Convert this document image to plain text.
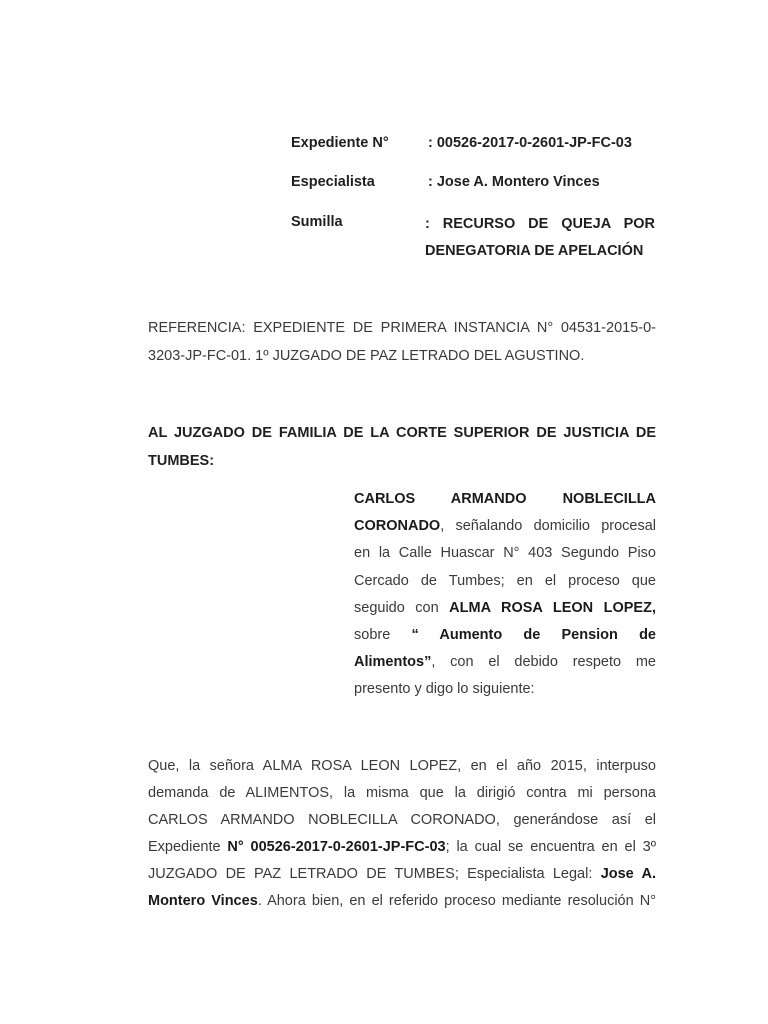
Expediente N°	: 00526-2017-0-2601-JP-FC-03
Especialista	: Jose A. Montero Vinces
Sumilla	: RECURSO DE QUEJA POR
DENEGATORIA DE APELACIÓN
REFERENCIA: EXPEDIENTE DE PRIMERA INSTANCIA N° 04531-2015-0-3203-JP-FC-01. 1º JUZGADO DE PAZ LETRADO DEL AGUSTINO.
AL JUZGADO DE FAMILIA DE LA CORTE SUPERIOR DE JUSTICIA DE TUMBES:
CARLOS ARMANDO NOBLECILLA
CORONADO, señalando domicilio procesal
en la Calle Huascar N° 403 Segundo Piso
Cercado de Tumbes; en el proceso que
seguido con ALMA ROSA LEON LOPEZ,
sobre “ Aumento de Pension de
Alimentos”, con el debido respeto me
presento y digo lo siguiente:
Que, la señora ALMA ROSA LEON LOPEZ, en el año 2015, interpuso
demanda de ALIMENTOS, la misma que la dirigió contra mi persona
CARLOS ARMANDO NOBLECILLA CORONADO, generándose así el
Expediente N° 00526-2017-0-2601-JP-FC-03; la cual se encuentra en el 3º
JUZGADO DE PAZ LETRADO DE TUMBES; Especialista Legal: Jose A.
Montero Vinces. Ahora bien, en el referido proceso mediante resolución N°
